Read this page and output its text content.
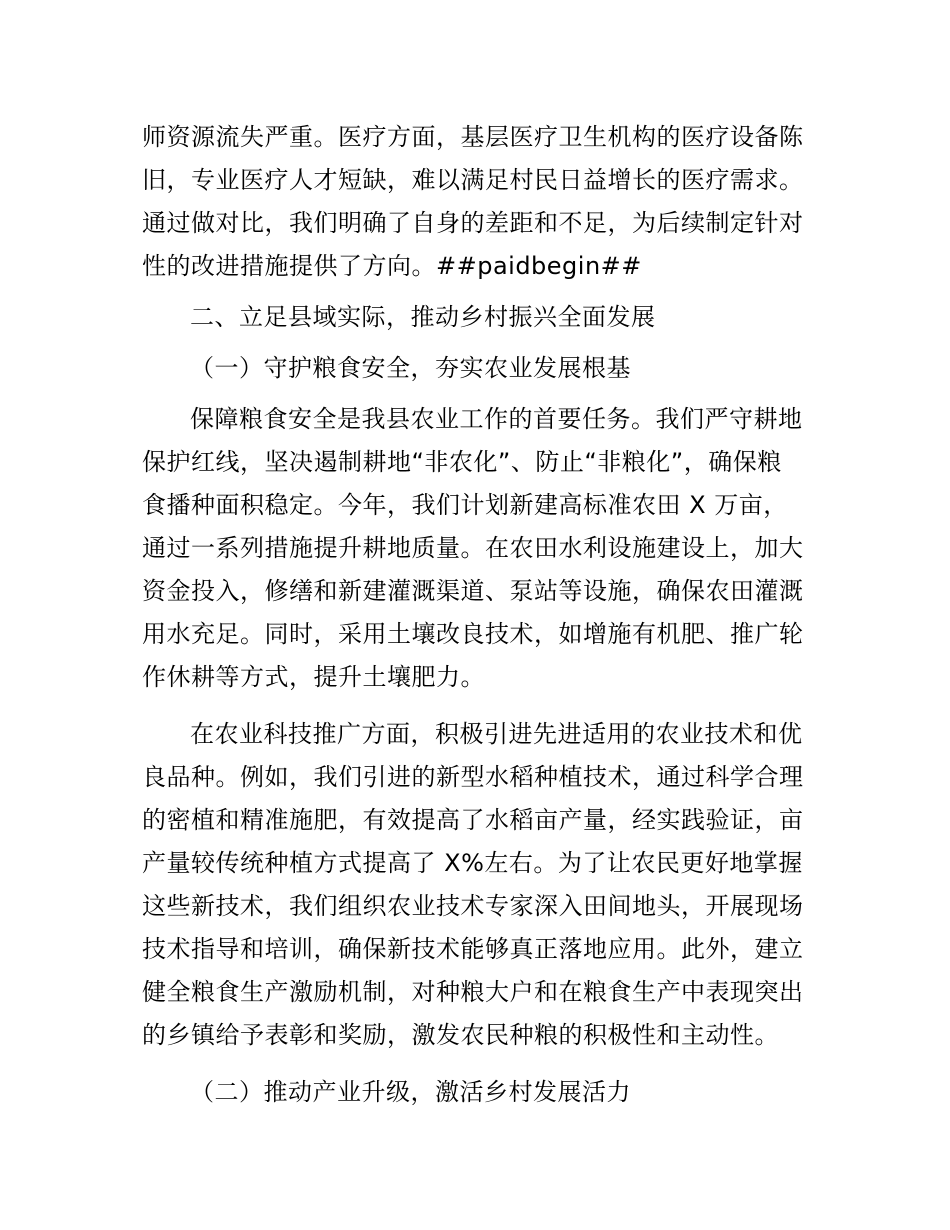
师资源流失严重。医疗方面，基层医疗卫生机构的医疗设备陈
旧，专业医疗人才短缺，难以满足村民日益增长的医疗需求。
通过做对比，我们明确了自身的差距和不足，为后续制定针对
性的改进措施提供了方向。##paidbegin##

二、立足县域实际，推动乡村振兴全面发展

（一）守护粮食安全，夯实农业发展根基

保障粮食安全是我县农业工作的首要任务。我们严守耕地
保护红线，坚决遏制耕地“非农化”、防止“非粮化”，确保粮
食播种面积稳定。今年，我们计划新建高标准农田 X 万亩，
通过一系列措施提升耕地质量。在农田水利设施建设上，加大
资金投入，修缮和新建灌溉渠道、泵站等设施，确保农田灌溉
用水充足。同时，采用土壤改良技术，如增施有机肥、推广轮
作休耕等方式，提升土壤肥力。

在农业科技推广方面，积极引进先进适用的农业技术和优
良品种。例如，我们引进的新型水稻种植技术，通过科学合理
的密植和精准施肥，有效提高了水稻亩产量，经实践验证，亩
产量较传统种植方式提高了 X%左右。为了让农民更好地掌握
这些新技术，我们组织农业技术专家深入田间地头，开展现场
技术指导和培训，确保新技术能够真正落地应用。此外，建立
健全粮食生产激励机制，对种粮大户和在粮食生产中表现突出
的乡镇给予表彰和奖励，激发农民种粮的积极性和主动性。

（二）推动产业升级，激活乡村发展活力
